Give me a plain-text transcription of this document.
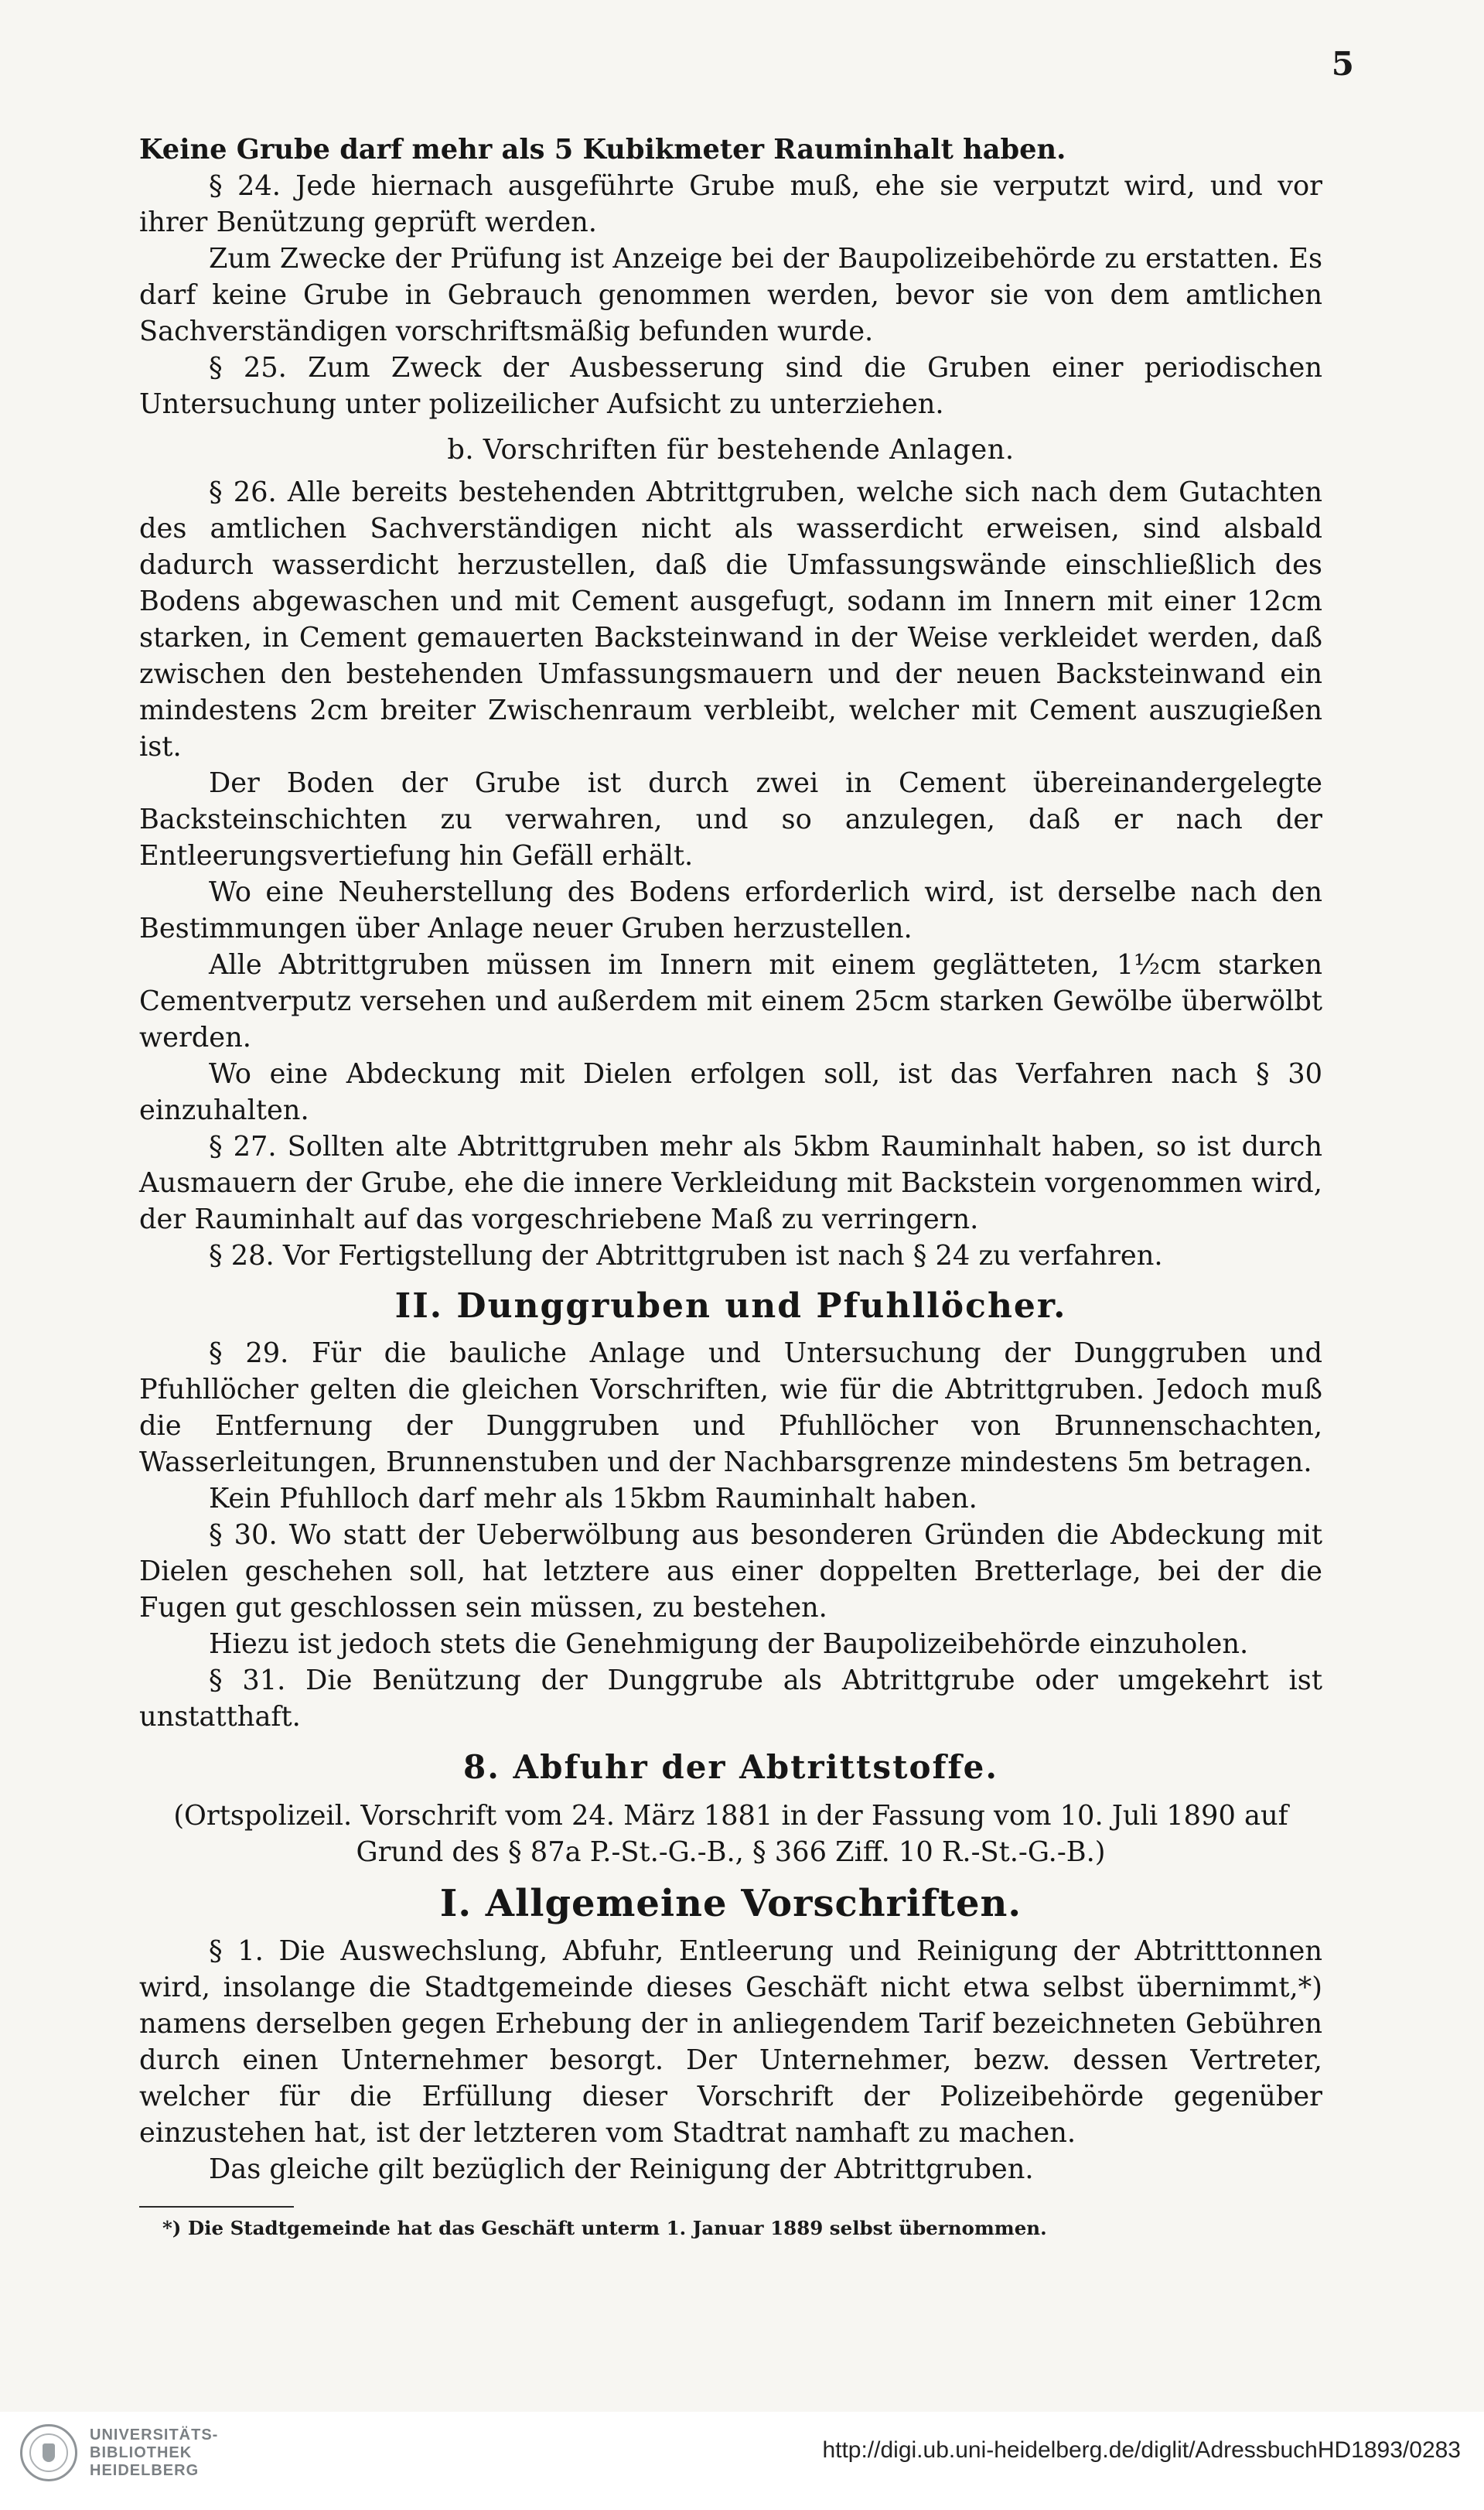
5

Keine Grube darf mehr als 5 Kubikmeter Rauminhalt haben.

§ 24. Jede hiernach ausgeführte Grube muß, ehe sie verputzt wird, und vor ihrer Benützung geprüft werden.

Zum Zwecke der Prüfung ist Anzeige bei der Baupolizeibehörde zu erstatten. Es darf keine Grube in Gebrauch genommen werden, bevor sie von dem amtlichen Sachverständigen vorschriftsmäßig befunden wurde.

§ 25. Zum Zweck der Ausbesserung sind die Gruben einer periodischen Untersuchung unter polizeilicher Aufsicht zu unterziehen.

b. Vorschriften für bestehende Anlagen.

§ 26. Alle bereits bestehenden Abtrittgruben, welche sich nach dem Gutachten des amtlichen Sachverständigen nicht als wasserdicht erweisen, sind alsbald dadurch wasserdicht herzustellen, daß die Umfassungswände einschließlich des Bodens abgewaschen und mit Cement ausgefugt, sodann im Innern mit einer 12cm starken, in Cement gemauerten Backsteinwand in der Weise verkleidet werden, daß zwischen den bestehenden Umfassungsmauern und der neuen Backsteinwand ein mindestens 2cm breiter Zwischenraum verbleibt, welcher mit Cement auszugießen ist.

Der Boden der Grube ist durch zwei in Cement übereinandergelegte Backsteinschichten zu verwahren, und so anzulegen, daß er nach der Entleerungsvertiefung hin Gefäll erhält.

Wo eine Neuherstellung des Bodens erforderlich wird, ist derselbe nach den Bestimmungen über Anlage neuer Gruben herzustellen.

Alle Abtrittgruben müssen im Innern mit einem geglätteten, 1½cm starken Cementverputz versehen und außerdem mit einem 25cm starken Gewölbe überwölbt werden.

Wo eine Abdeckung mit Dielen erfolgen soll, ist das Verfahren nach § 30 einzuhalten.

§ 27. Sollten alte Abtrittgruben mehr als 5kbm Rauminhalt haben, so ist durch Ausmauern der Grube, ehe die innere Verkleidung mit Backstein vorgenommen wird, der Rauminhalt auf das vorgeschriebene Maß zu verringern.

§ 28. Vor Fertigstellung der Abtrittgruben ist nach § 24 zu verfahren.

II. Dunggruben und Pfuhllöcher.

§ 29. Für die bauliche Anlage und Untersuchung der Dunggruben und Pfuhllöcher gelten die gleichen Vorschriften, wie für die Abtrittgruben. Jedoch muß die Entfernung der Dunggruben und Pfuhllöcher von Brunnenschachten, Wasserleitungen, Brunnenstuben und der Nachbarsgrenze mindestens 5m betragen.

Kein Pfuhlloch darf mehr als 15kbm Rauminhalt haben.

§ 30. Wo statt der Ueberwölbung aus besonderen Gründen die Abdeckung mit Dielen geschehen soll, hat letztere aus einer doppelten Bretterlage, bei der die Fugen gut geschlossen sein müssen, zu bestehen.

Hiezu ist jedoch stets die Genehmigung der Baupolizeibehörde einzuholen.

§ 31. Die Benützung der Dunggrube als Abtrittgrube oder umgekehrt ist unstatthaft.

8. Abfuhr der Abtrittstoffe.

(Ortspolizeil. Vorschrift vom 24. März 1881 in der Fassung vom 10. Juli 1890 auf Grund des § 87a P.-St.-G.-B., § 366 Ziff. 10 R.-St.-G.-B.)

I. Allgemeine Vorschriften.

§ 1. Die Auswechslung, Abfuhr, Entleerung und Reinigung der Abtritttonnen wird, insolange die Stadtgemeinde dieses Geschäft nicht etwa selbst übernimmt,*) namens derselben gegen Erhebung der in anliegendem Tarif bezeichneten Gebühren durch einen Unternehmer besorgt. Der Unternehmer, bezw. dessen Vertreter, welcher für die Erfüllung dieser Vorschrift der Polizeibehörde gegenüber einzustehen hat, ist der letzteren vom Stadtrat namhaft zu machen.

Das gleiche gilt bezüglich der Reinigung der Abtrittgruben.

*) Die Stadtgemeinde hat das Geschäft unterm 1. Januar 1889 selbst übernommen.
UNIVERSITÄTS-
BIBLIOTHEK
HEIDELBERG
http://digi.ub.uni-heidelberg.de/diglit/AdressbuchHD1893/0283
